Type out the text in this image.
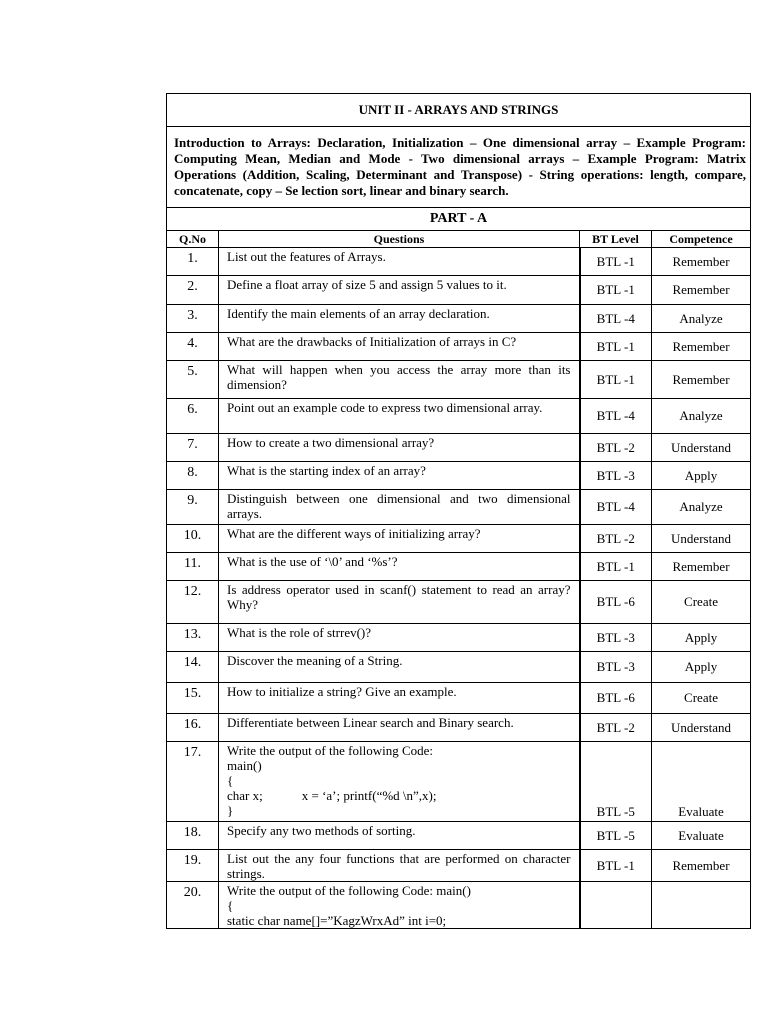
UNIT II - ARRAYS AND STRINGS			
Introduction to Arrays: Declaration, Initialization – One dimensional array – Example Program: Computing Mean, Median and Mode - Two dimensional arrays – Example Program: Matrix Operations (Addition, Scaling, Determinant and Transpose) - String operations: length, compare, concatenate, copy – Se lection sort, linear and binary search.			
PART - A			
Q.No	Questions	BT Level	Competence
1.	List out the features of Arrays.	BTL -1	Remember
2.	Define a float array of size 5 and assign 5 values to it.	BTL -1	Remember
3.	Identify the main elements of an array declaration.	BTL -4	Analyze
4.	What are the drawbacks of Initialization of arrays in C?	BTL -1	Remember
5.	What will happen when you access the array more than its dimension?	BTL -1	Remember
6.	Point out an example code to express two dimensional array.	BTL -4	Analyze
7.	How to create a two dimensional array?	BTL -2	Understand
8.	What is the starting index of an array?	BTL -3	Apply
9.	Distinguish between one dimensional and two dimensional arrays.	BTL -4	Analyze
10.	What are the different ways of initializing array?	BTL -2	Understand
11.	What is the use of ‘\0’ and ‘%s’?	BTL -1	Remember
12.	Is address operator used in scanf() statement to read an array? Why?	BTL -6	Create
13.	What is the role of strrev()?	BTL -3	Apply
14.	Discover the meaning of a String.	BTL -3	Apply
15.	How to initialize a string? Give an example.	BTL -6	Create
16.	Differentiate between Linear search and Binary search.	BTL -2	Understand
17.	Write the output of the following Code:
main()
{
char x;            x = ‘a’; printf(“%d \n”,x);
}	BTL -5	Evaluate
18.	Specify any two methods of sorting.	BTL -5	Evaluate
19.	List out the any four functions that are performed on character strings.	BTL -1	Remember
20.	Write the output of the following Code: main()
{
static char name[]=”KagzWrxAd” int i=0;		
